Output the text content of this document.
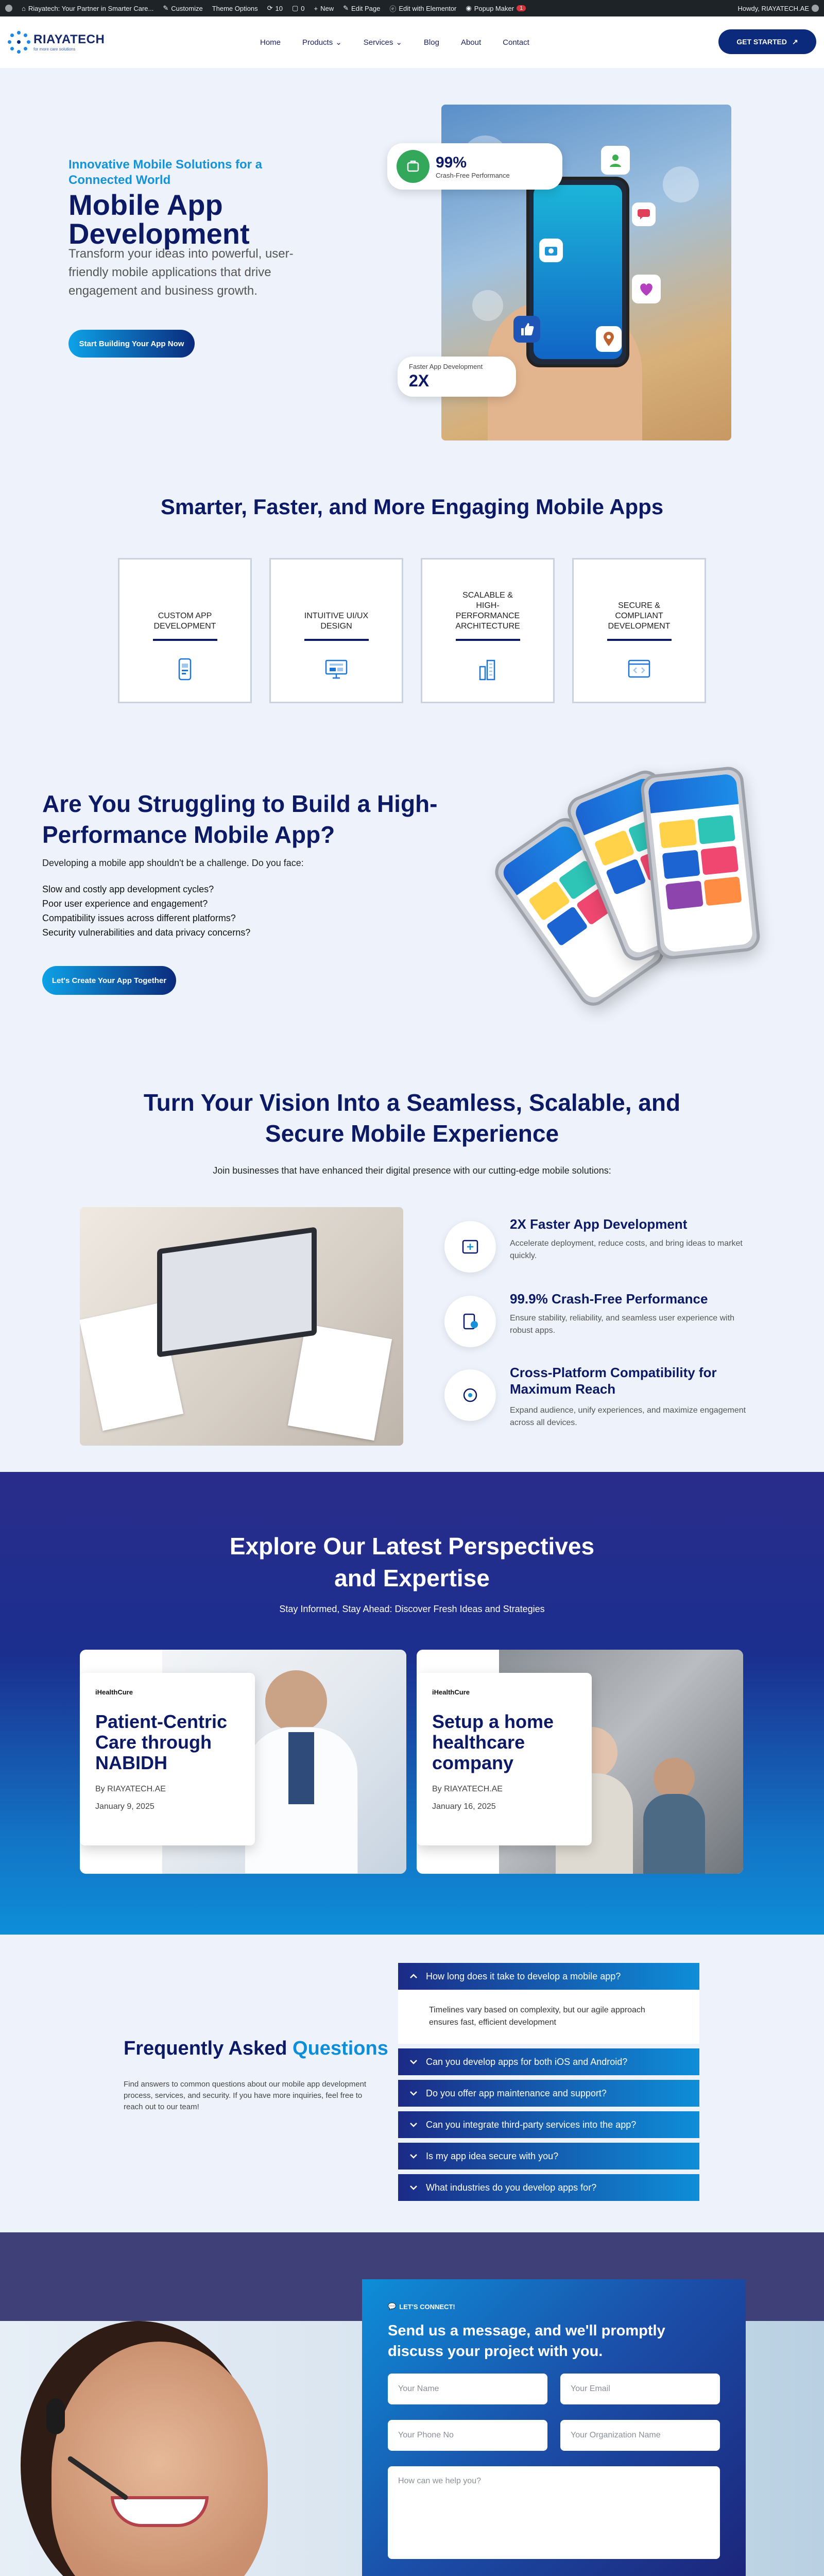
⌂ Riayatech: Your Partner in Smarter Care... ✎ Customize Theme Options ⟳ 10 ▢ 0 + New ✎ Edit Page ⓔ Edit with Elementor ◉ Popup Maker	1	Howdy, RIAYATECH.AE
RIAYATECH
for more care solutions
Home	Products ⌄	Services ⌄	Blog	About	Contact	GET STARTED ↗
Innovative Mobile Solutions for a Connected World
Mobile App Development

Transform your ideas into powerful, user-friendly mobile applications that drive engagement and business growth.

Start Building Your App Now
99%
Crash-Free Performance
Faster App Development
2X
Smarter, Faster, and More Engaging Mobile Apps
CUSTOM APP DEVELOPMENT
INTUITIVE UI/UX DESIGN
SCALABLE & HIGH-PERFORMANCE ARCHITECTURE
SECURE & COMPLIANT DEVELOPMENT
Are You Struggling to Build a High-Performance Mobile App?

Developing a mobile app shouldn't be a challenge. Do you face:

Slow and costly app development cycles?
Poor user experience and engagement?
Compatibility issues across different platforms?
Security vulnerabilities and data privacy concerns?
Let's Create Your App Together
Turn Your Vision Into a Seamless, Scalable, and Secure Mobile Experience

Join businesses that have enhanced their digital presence with our cutting-edge mobile solutions:

2X Faster App Development
Accelerate deployment, reduce costs, and bring ideas to market quickly.
99.9% Crash-Free Performance
Ensure stability, reliability, and seamless user experience with robust apps.
Cross-Platform Compatibility for Maximum Reach
Expand audience, unify experiences, and maximize engagement across all devices.
Explore Our Latest Perspectives and Expertise

Stay Informed, Stay Ahead: Discover Fresh Ideas and Strategies

iHealthCure
Patient-Centric Care through NABIDH
By RIAYATECH.AE
January 9, 2025
iHealthCure
Setup a home healthcare company
By RIAYATECH.AE
January 16, 2025
Frequently Asked Questions

Find answers to common questions about our mobile app development process, services, and security. If you have more inquiries, feel free to reach out to our team!

How long does it take to develop a mobile app?
Timelines vary based on complexity, but our agile approach ensures fast, efficient development
Can you develop apps for both iOS and Android?
Do you offer app maintenance and support?
Can you integrate third-party services into the app?
Is my app idea secure with you?
What industries do you develop apps for?
💬 LET'S CONNECT!
Send us a message, and we'll promptly discuss your project with you.
Your Name
Your Email
Your Phone No
Your Organization Name
How can we help you?
